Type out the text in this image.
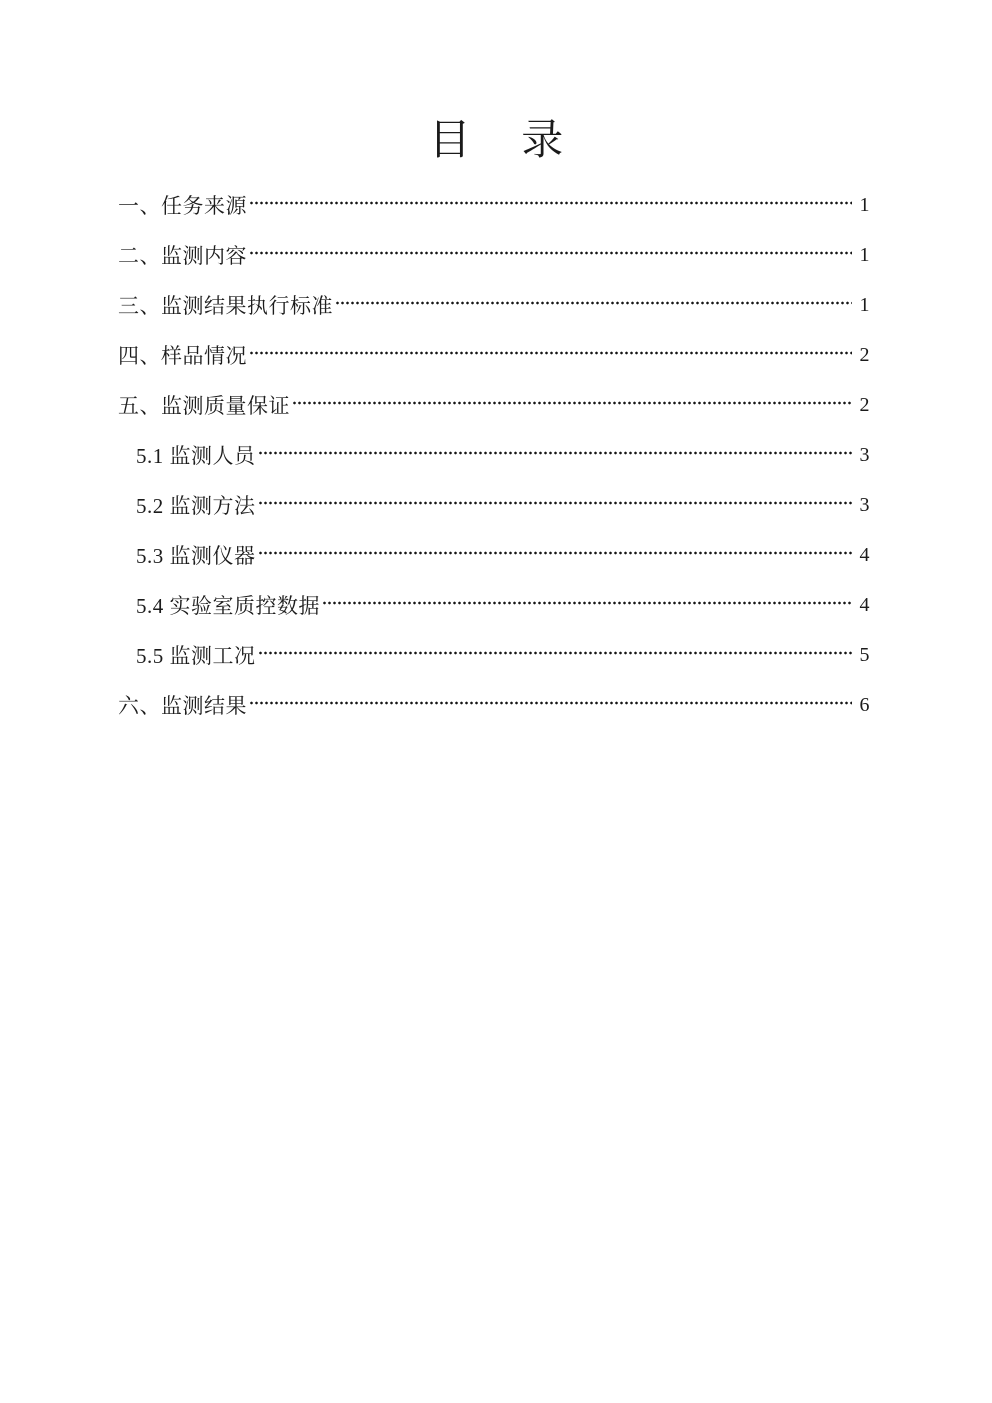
目 录
一、任务来源	1
二、监测内容	1
三、监测结果执行标准	1
四、样品情况	2
五、监测质量保证	2
5.1 监测人员	3
5.2 监测方法	3
5.3 监测仪器	4
5.4 实验室质控数据	4
5.5 监测工况	5
六、监测结果	6
